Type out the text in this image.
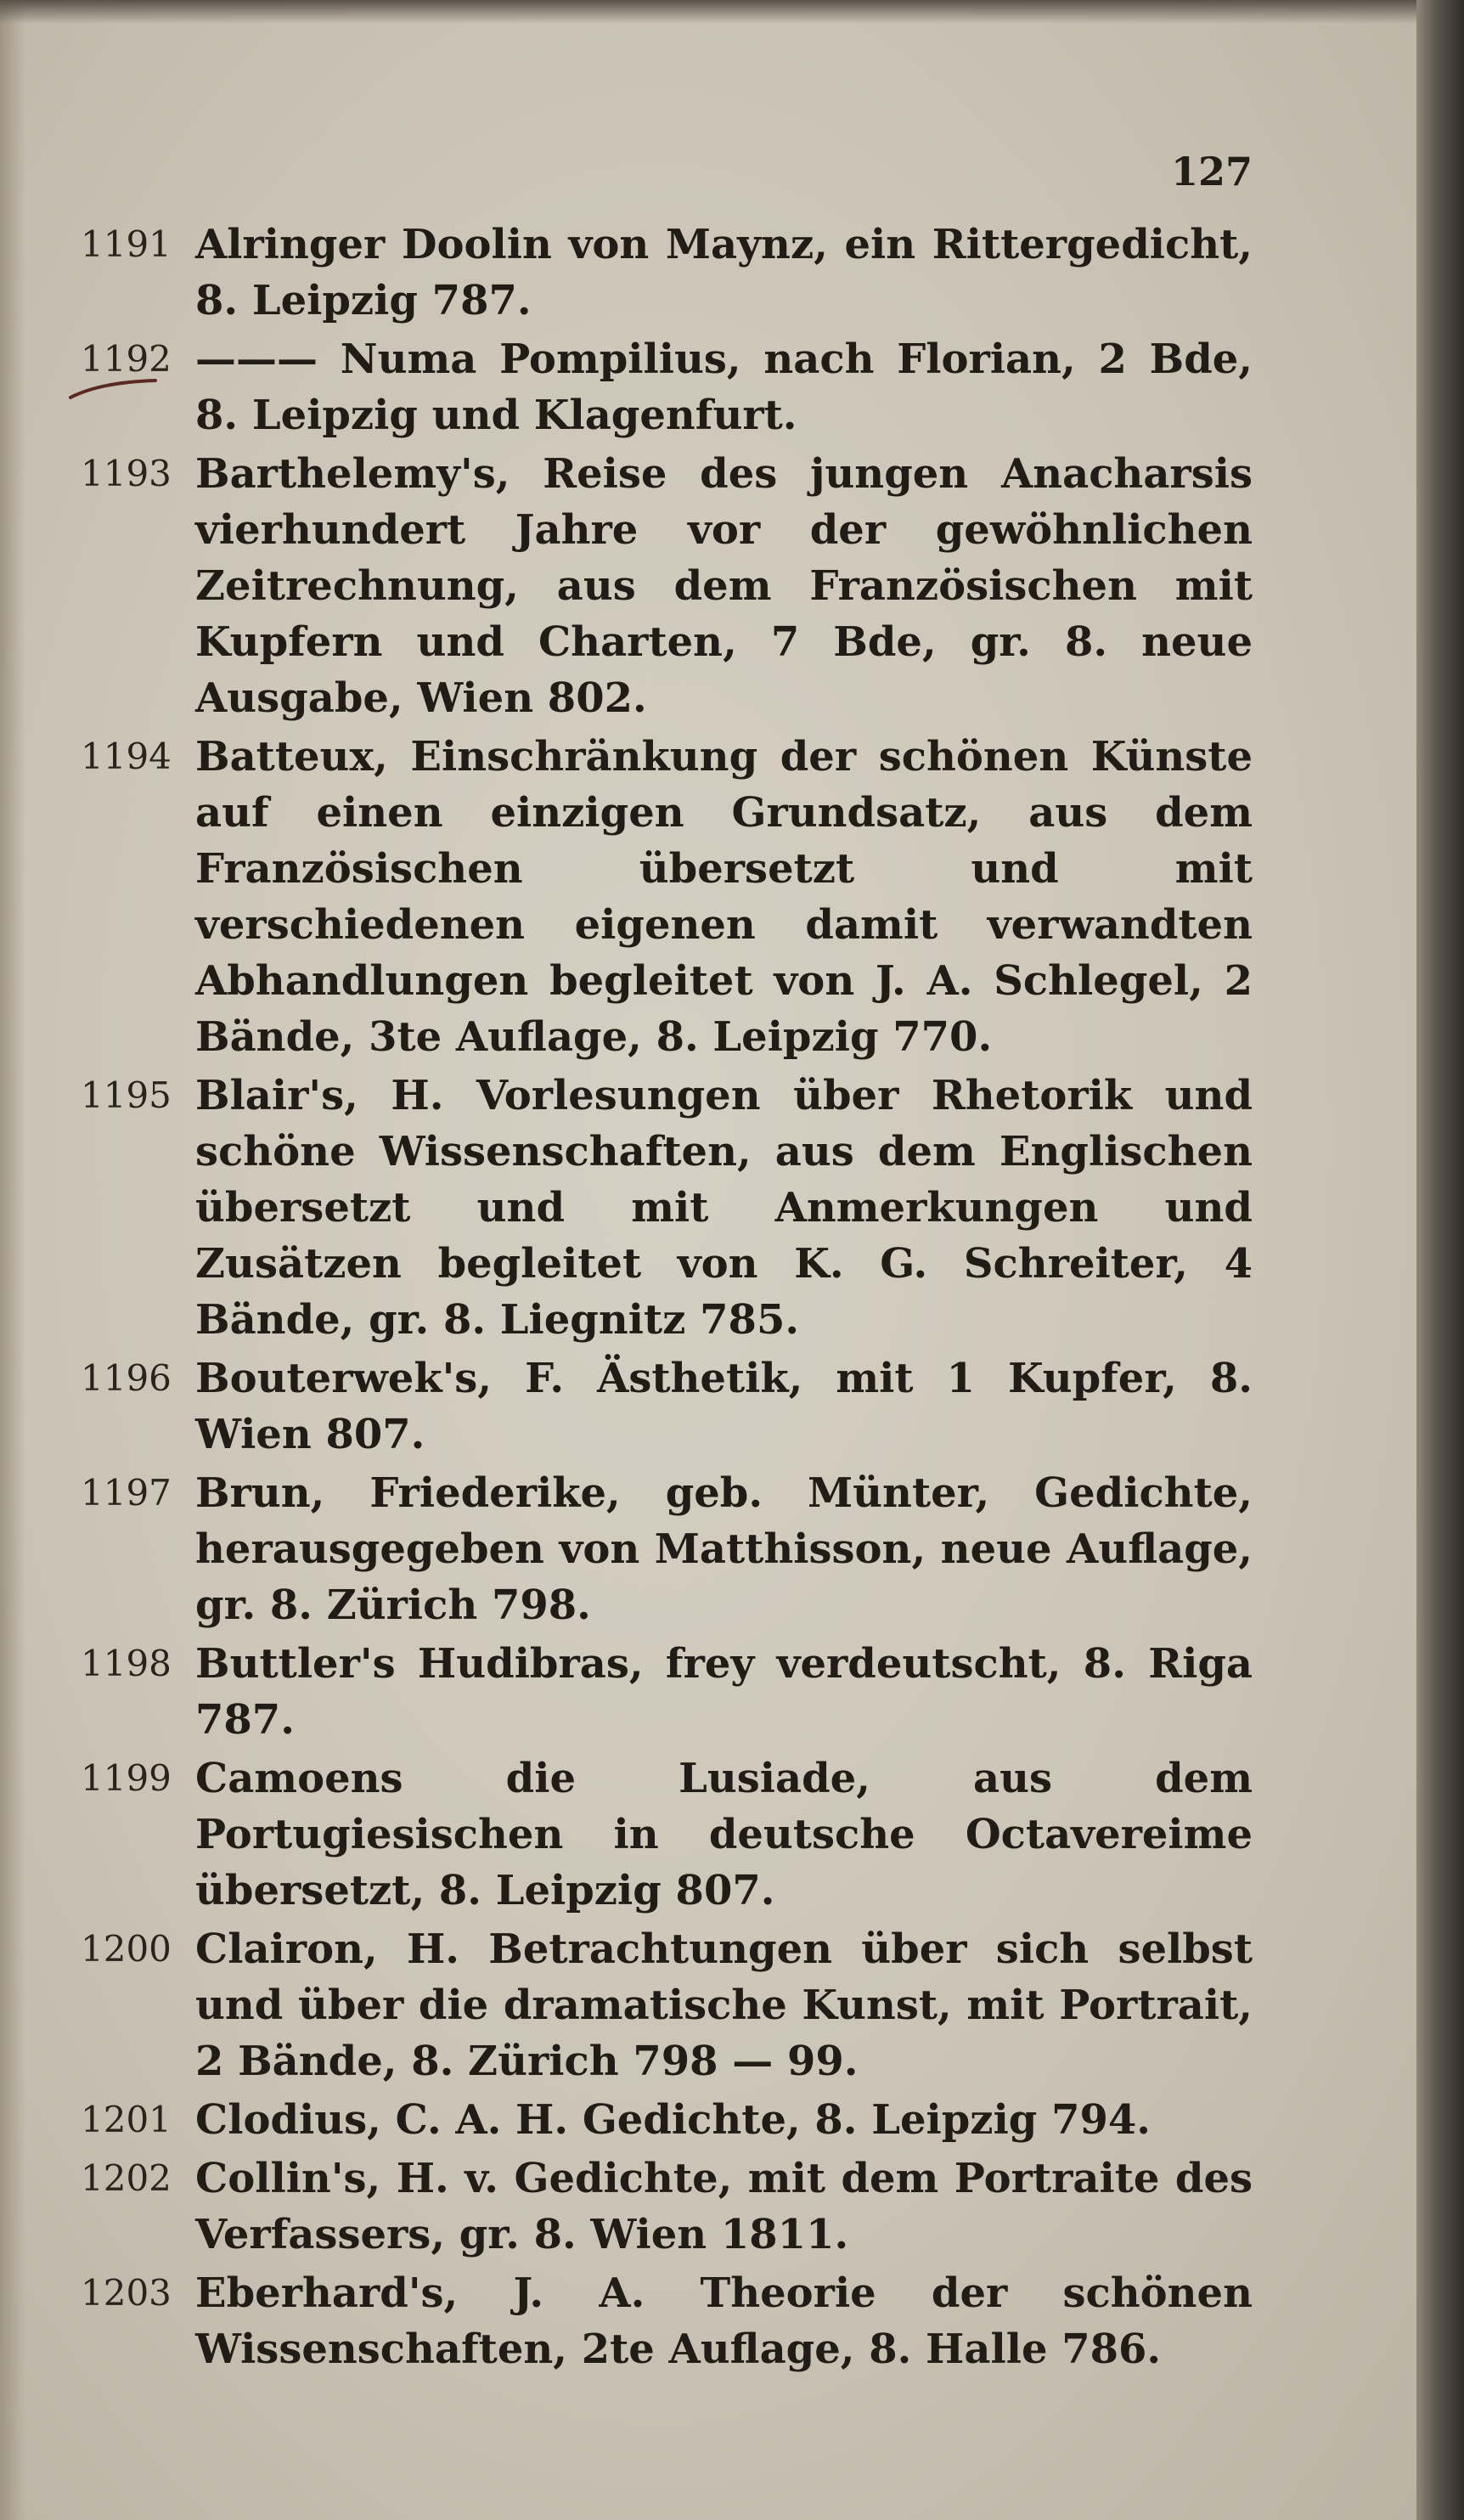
127
1191 Alringer Doolin von Maynz, ein Rittergedicht, 8. Leipzig 787.
1192 ——— Numa Pompilius, nach Florian, 2 Bde, 8. Leipzig und Klagenfurt.
1193 Barthelemy's, Reise des jungen Anacharsis vierhundert Jahre vor der gewöhnlichen Zeitrechnung, aus dem Französischen mit Kupfern und Charten, 7 Bde, gr. 8. neue Ausgabe, Wien 802.
1194 Batteux, Einschränkung der schönen Künste auf einen einzigen Grundsatz, aus dem Französischen übersetzt und mit verschiedenen eigenen damit verwandten Abhandlungen begleitet von J. A. Schlegel, 2 Bände, 3te Auflage, 8. Leipzig 770.
1195 Blair's, H. Vorlesungen über Rhetorik und schöne Wissenschaften, aus dem Englischen übersetzt und mit Anmerkungen und Zusätzen begleitet von K. G. Schreiter, 4 Bände, gr. 8. Liegnitz 785.
1196 Bouterwek's, F. Ästhetik, mit 1 Kupfer, 8. Wien 807.
1197 Brun, Friederike, geb. Münter, Gedichte, herausgegeben von Matthisson, neue Auflage, gr. 8. Zürich 798.
1198 Buttler's Hudibras, frey verdeutscht, 8. Riga 787.
1199 Camoens die Lusiade, aus dem Portugiesischen in deutsche Octavereime übersetzt, 8. Leipzig 807.
1200 Clairon, H. Betrachtungen über sich selbst und über die dramatische Kunst, mit Portrait, 2 Bände, 8. Zürich 798 — 99.
1201 Clodius, C. A. H. Gedichte, 8. Leipzig 794.
1202 Collin's, H. v. Gedichte, mit dem Portraite des Verfassers, gr. 8. Wien 1811.
1203 Eberhard's, J. A. Theorie der schönen Wissenschaften, 2te Auflage, 8. Halle 786.
